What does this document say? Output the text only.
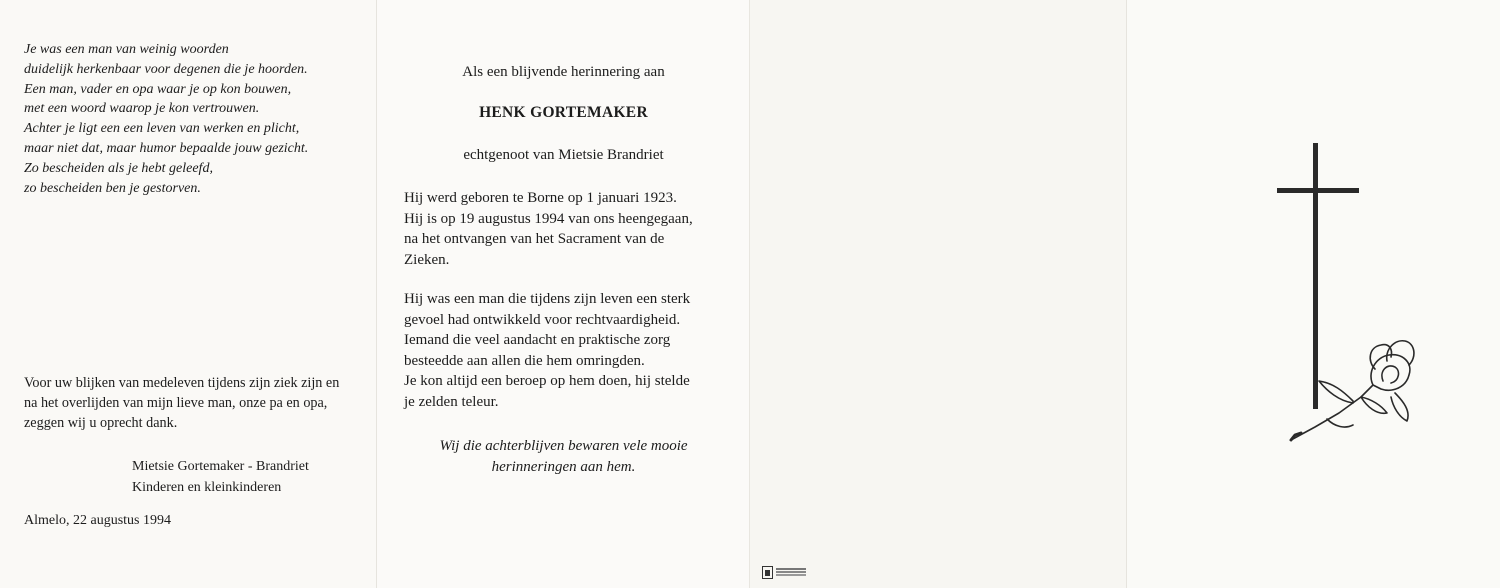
Je was een man van weinig woorden
duidelijk herkenbaar voor degenen die je hoorden.
Een man, vader en opa waar je op kon bouwen,
met een woord waarop je kon vertrouwen.
Achter je ligt een een leven van werken en plicht,
maar niet dat, maar humor bepaalde jouw gezicht.
Zo bescheiden als je hebt geleefd,
zo bescheiden ben je gestorven.
Voor uw blijken van medeleven tijdens zijn ziek zijn en na het overlijden van mijn lieve man, onze pa en opa, zeggen wij u oprecht dank.
Mietsie Gortemaker - Brandriet
Kinderen en kleinkinderen
Almelo, 22 augustus 1994
Als een blijvende herinnering aan
HENK GORTEMAKER
echtgenoot van Mietsie Brandriet
Hij werd geboren te Borne op 1 januari 1923.
Hij is op 19 augustus 1994 van ons heengegaan,
na het ontvangen van het Sacrament van de
Zieken.
Hij was een man die tijdens zijn leven een sterk
gevoel had ontwikkeld voor rechtvaardigheid.
Iemand die veel aandacht en praktische zorg
besteedde aan allen die hem omringden.
Je kon altijd een beroep op hem doen, hij stelde
je zelden teleur.
Wij die achterblijven bewaren vele mooie
herinneringen aan hem.
